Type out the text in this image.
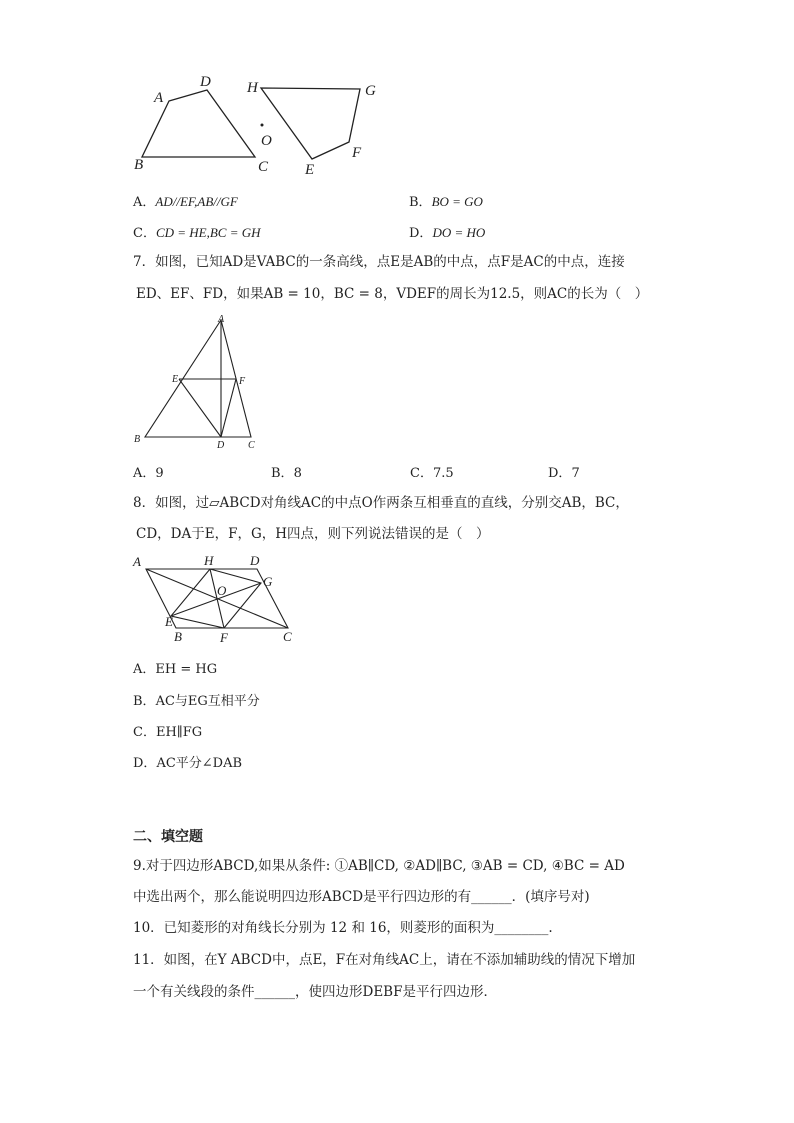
A
D
B	C
O
H	G
E
F
A．AD//EF,AB//GF	B．BO = GO
C．CD = HE,BC = GH	D．DO = HO
7．如图，已知AD是VABC的一条高线，点E是AB的中点，点F是AC的中点，连接
ED、EF、FD，如果AB = 10，BC = 8，VDEF的周长为12.5，则AC的长为（　）
A
E	F
B
D C
A．9	B．8	C．7.5	D．7
8．如图，过▱ABCD对角线AC的中点O作两条互相垂直的直线，分别交AB，BC，
CD，DA于E，F，G，H四点，则下列说法错误的是（　）
A	H	D
G
O
E
B	F	C
A．EH = HG
B．AC与EG互相平分
C．EH∥FG
D．AC平分∠DAB
二、填空题
9.对于四边形ABCD,如果从条件: ①AB∥CD, ②AD∥BC, ③AB = CD, ④BC = AD
中选出两个，那么能说明四边形ABCD是平行四边形的有______．(填序号对)
10．已知菱形的对角线长分别为 12 和 16，则菱形的面积为________.
11．如图，在Y ABCD中，点E，F在对角线AC上，请在不添加辅助线的情况下增加
一个有关线段的条件______，使四边形DEBF是平行四边形．
